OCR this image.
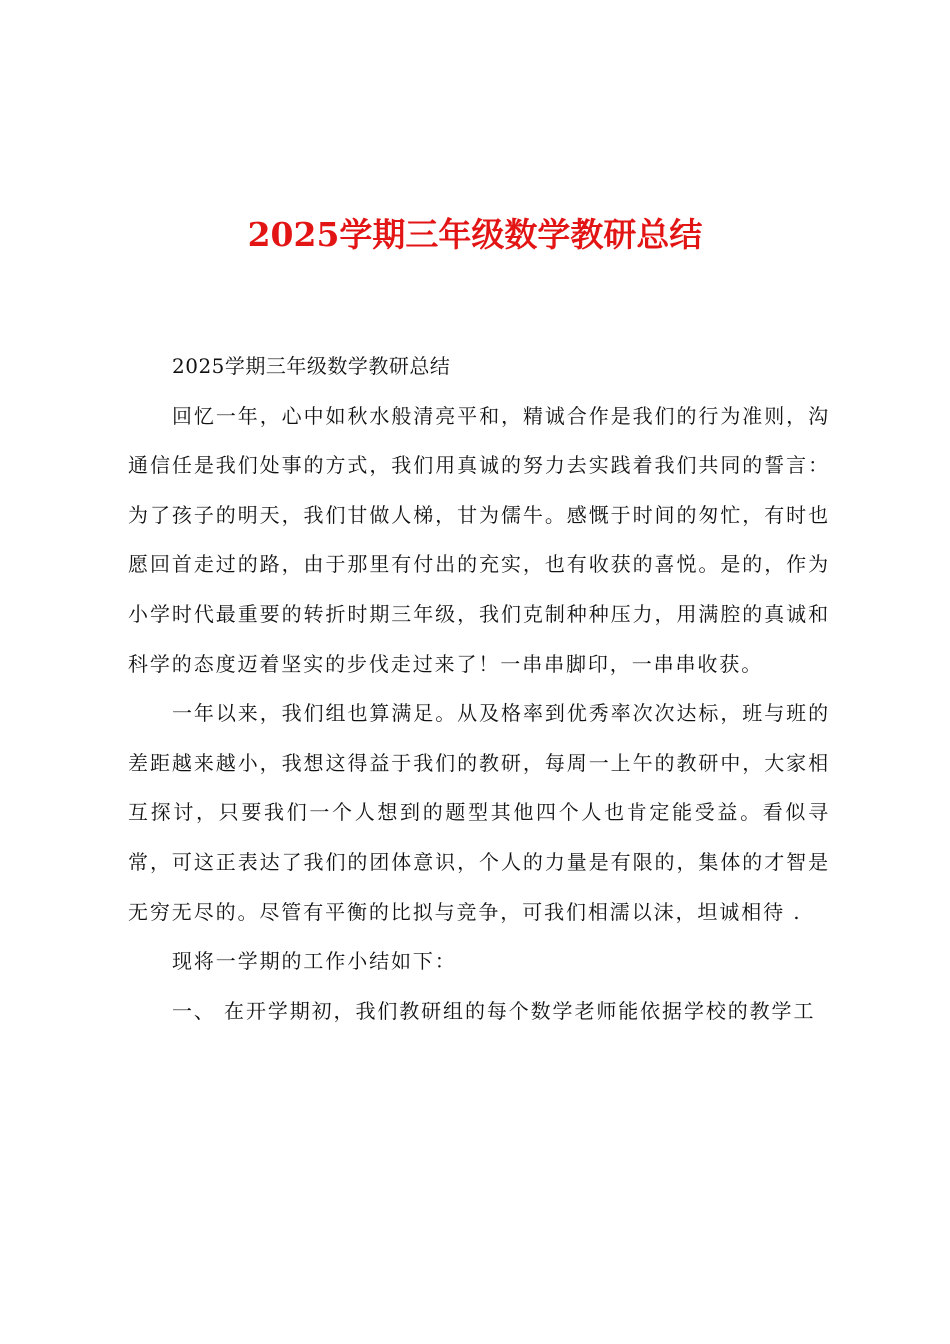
2025学期三年级数学教研总结

2025学期三年级数学教研总结

回忆一年，心中如秋水般清亮平和，精诚合作是我们的行为准则，沟通信任是我们处事的方式，我们用真诚的努力去实践着我们共同的誓言：为了孩子的明天，我们甘做人梯，甘为儒牛。感慨于时间的匆忙，有时也愿回首走过的路，由于那里有付出的充实，也有收获的喜悦。是的，作为小学时代最重要的转折时期三年级，我们克制种种压力，用满腔的真诚和科学的态度迈着坚实的步伐走过来了！一串串脚印，一串串收获。

一年以来，我们组也算满足。从及格率到优秀率次次达标，班与班的差距越来越小，我想这得益于我们的教研，每周一上午的教研中，大家相互探讨，只要我们一个人想到的题型其他四个人也肯定能受益。看似寻常，可这正表达了我们的团体意识，个人的力量是有限的，集体的才智是无穷无尽的。尽管有平衡的比拟与竞争，可我们相濡以沫，坦诚相待 .

现将一学期的工作小结如下：

一、 在开学期初，我们教研组的每个数学老师能依据学校的教学工
